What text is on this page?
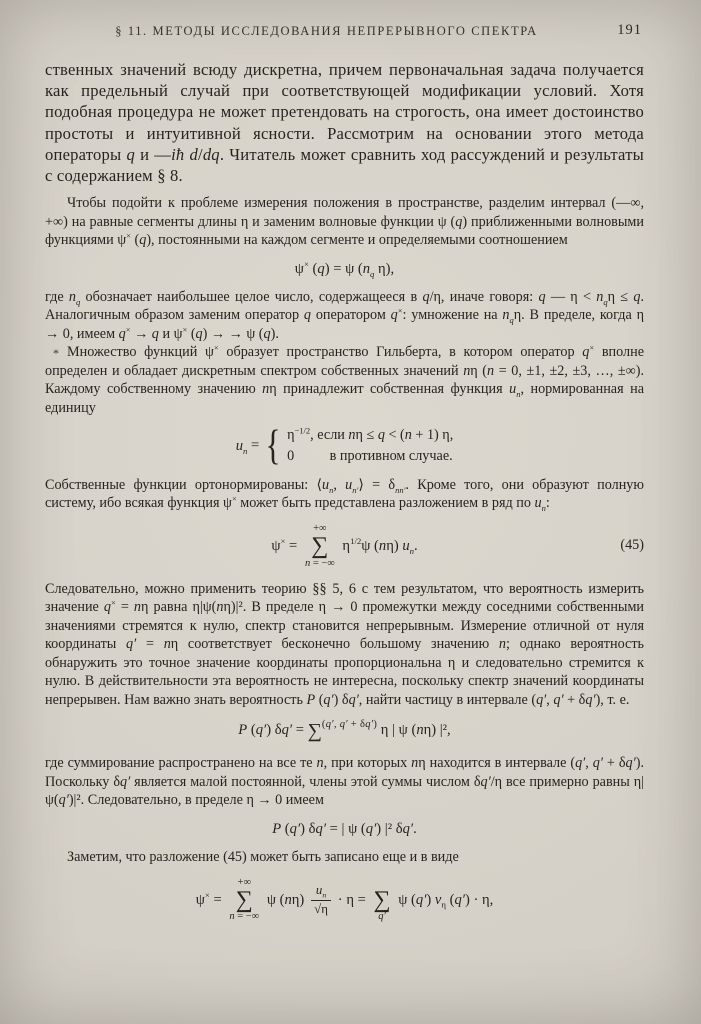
§ 11. МЕТОДЫ ИССЛЕДОВАНИЯ НЕПРЕРЫВНОГО СПЕКТРА	191

ственных значений всюду дискретна, причем первоначальная задача получается как предельный случай при соответствующей модификации условий. Хотя подобная процедура не может претендовать на строгость, она имеет достоинство простоты и интуитивной ясности. Рассмотрим на основании этого метода операторы q и —iħ d/dq. Читатель может сравнить ход рассуждений и результаты с содержанием § 8.

Чтобы подойти к проблеме измерения положения в пространстве, разделим интервал (—∞, +∞) на равные сегменты длины η и заменим волновые функции ψ (q) приближенными волновыми функциями ψ× (q), постоянными на каждом сегменте и определяемыми соотношением

ψ× (q) = ψ ($n_q$ η),

где $n_q$ обозначает наибольшее целое число, содержащееся в q/η, иначе говоря: q — $\eta < n_q\eta \le q$. Аналогичным образом заменим оператор q оператором q×: умножение на $n_q\eta$. В пределе, когда η → 0, имеем q× → q и ψ× (q) → → ψ (q).

* Множество функций ψ× образует пространство Гильберта, в котором оператор q× вполне определен и обладает дискретным спектром собственных значений nη (n = 0, ±1, ±2, ±3, …, ±∞). Каждому собственному значению nη принадлежит собственная функция $u_n$, нормированная на единицу

$u_n$ = { $\eta^{-1/2}$, если nη ≤ q < (n + 1) η,
0   в противном случае.

Собственные функции ортонормированы: $⟨u_n$, $u_{n'}⟩ = \delta_{nn'}$. Кроме того, они образуют полную систему, ибо всякая функция ψ× может быть представлена разложением в ряд по $u_n$:

ψ× =
+∞
∑
n = −∞
$\eta^{1/2}\psi$ (nη) $u_n$.	(45)

Следовательно, можно применить теорию §§ 5, 6 с тем результатом, что вероятность измерить значение q× = nη равна η|ψ(nη)|². В пределе η → 0 промежутки между соседними собственными значениями стремятся к нулю, спектр становится непрерывным. Измерение отличной от нуля координаты q′ = nη соответствует бесконечно большому значению n; однако вероятность обнаружить это точное значение координаты пропорциональна η и следовательно стремится к нулю. В действительности эта вероятность не интересна, поскольку спектр значений координаты непрерывен. Нам важно знать вероятность P (q′) δq′, найти частицу в интервале (q′, q′ + δq′), т. е.

P (q′) δq′ = ∑$^{(q', q' + \delta q')}$ η | ψ (nη) |²,

где суммирование распространено на все те n, при которых nη находится в интервале (q′, q′ + δq′). Поскольку δq′ является малой постоянной, члены этой суммы числом δq′/η все примерно равны η|ψ(q′)|². Следовательно, в пределе η → 0 имеем

P (q′) δq′ = | ψ (q′) |² δq′.

Заметим, что разложение (45) может быть записано еще и в виде

ψ× =
+∞
∑
n = −∞
ψ $(n\eta) \frac{u_n}{√\eta} \cdot \eta$ =
∑
q′
ψ (q′) $v_\eta$ (q′) · η,
